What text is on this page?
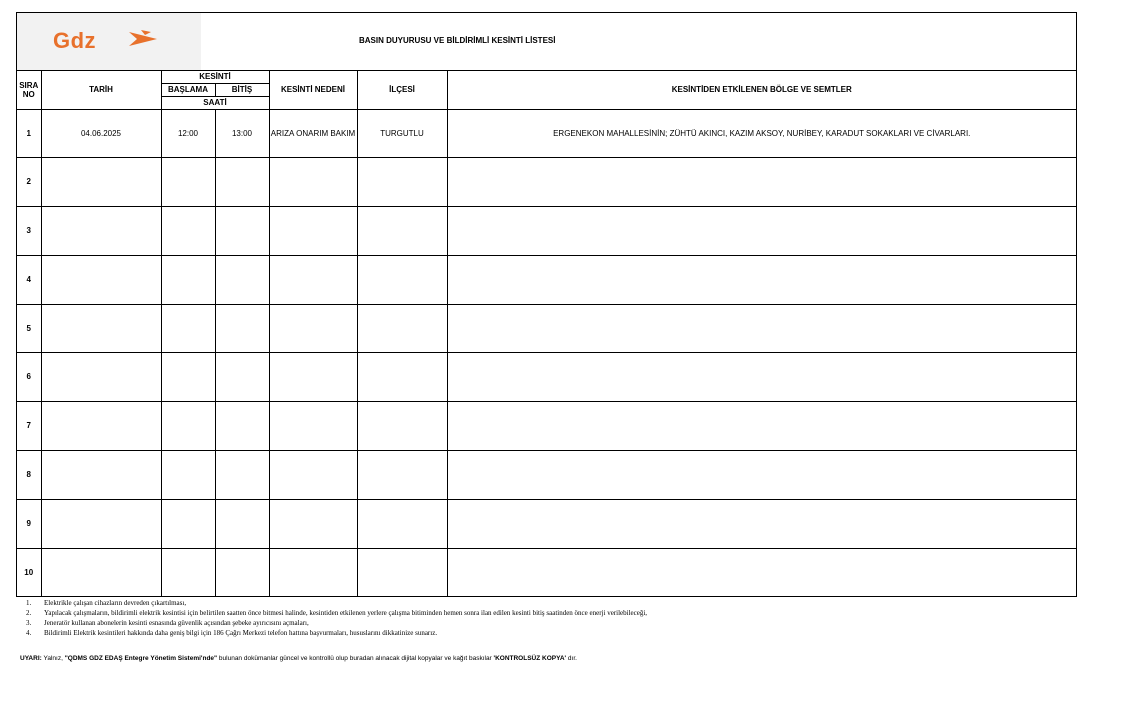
Gdz	BASIN DUYURUSU VE BİLDİRİMLİ KESİNTİ LİSTESİ
SIRA NO	TARİH	KESİNTİ		KESİNTİ NEDENİ	İLÇESİ	KESİNTİDEN ETKİLENEN BÖLGE VE SEMTLER
		BAŞLAMA	BİTİŞ			
		SAATİ				
1	04.06.2025	12:00	13:00	ARIZA ONARIM BAKIM	TURGUTLU	ERGENEKON MAHALLESİNİN; ZÜHTÜ AKINCI, KAZIM AKSOY, NURİBEY, KARADUT SOKAKLARI VE CİVARLARI.
2						
3						
4						
5						
6						
7						
8						
9						
10						
1.	Elektrikle çalışan cihazların devreden çıkartılması,
2.	Yapılacak çalışmaların, bildirimli elektrik kesintisi için belirtilen saatten önce bitmesi halinde, kesintiden etkilenen yerlere çalışma bitiminden hemen sonra ilan edilen kesinti bitiş saatinden önce enerji verilebileceği,
3.	Jeneratör kullanan abonelerin kesinti esnasında güvenlik açısından şebeke ayırıcısını açmaları,
4.	Bildirimli Elektrik kesintileri hakkında daha geniş bilgi için 186 Çağrı Merkezi telefon hattına başvurmaları, hususlarını dikkatinize sunarız.
UYARI: Yalnız, "QDMS GDZ EDAŞ Entegre Yönetim Sistemi'nde" bulunan dokümanlar güncel ve kontrollü olup buradan alınacak dijital kopyalar ve kağıt baskılar 'KONTROLSÜZ KOPYA' dır.
